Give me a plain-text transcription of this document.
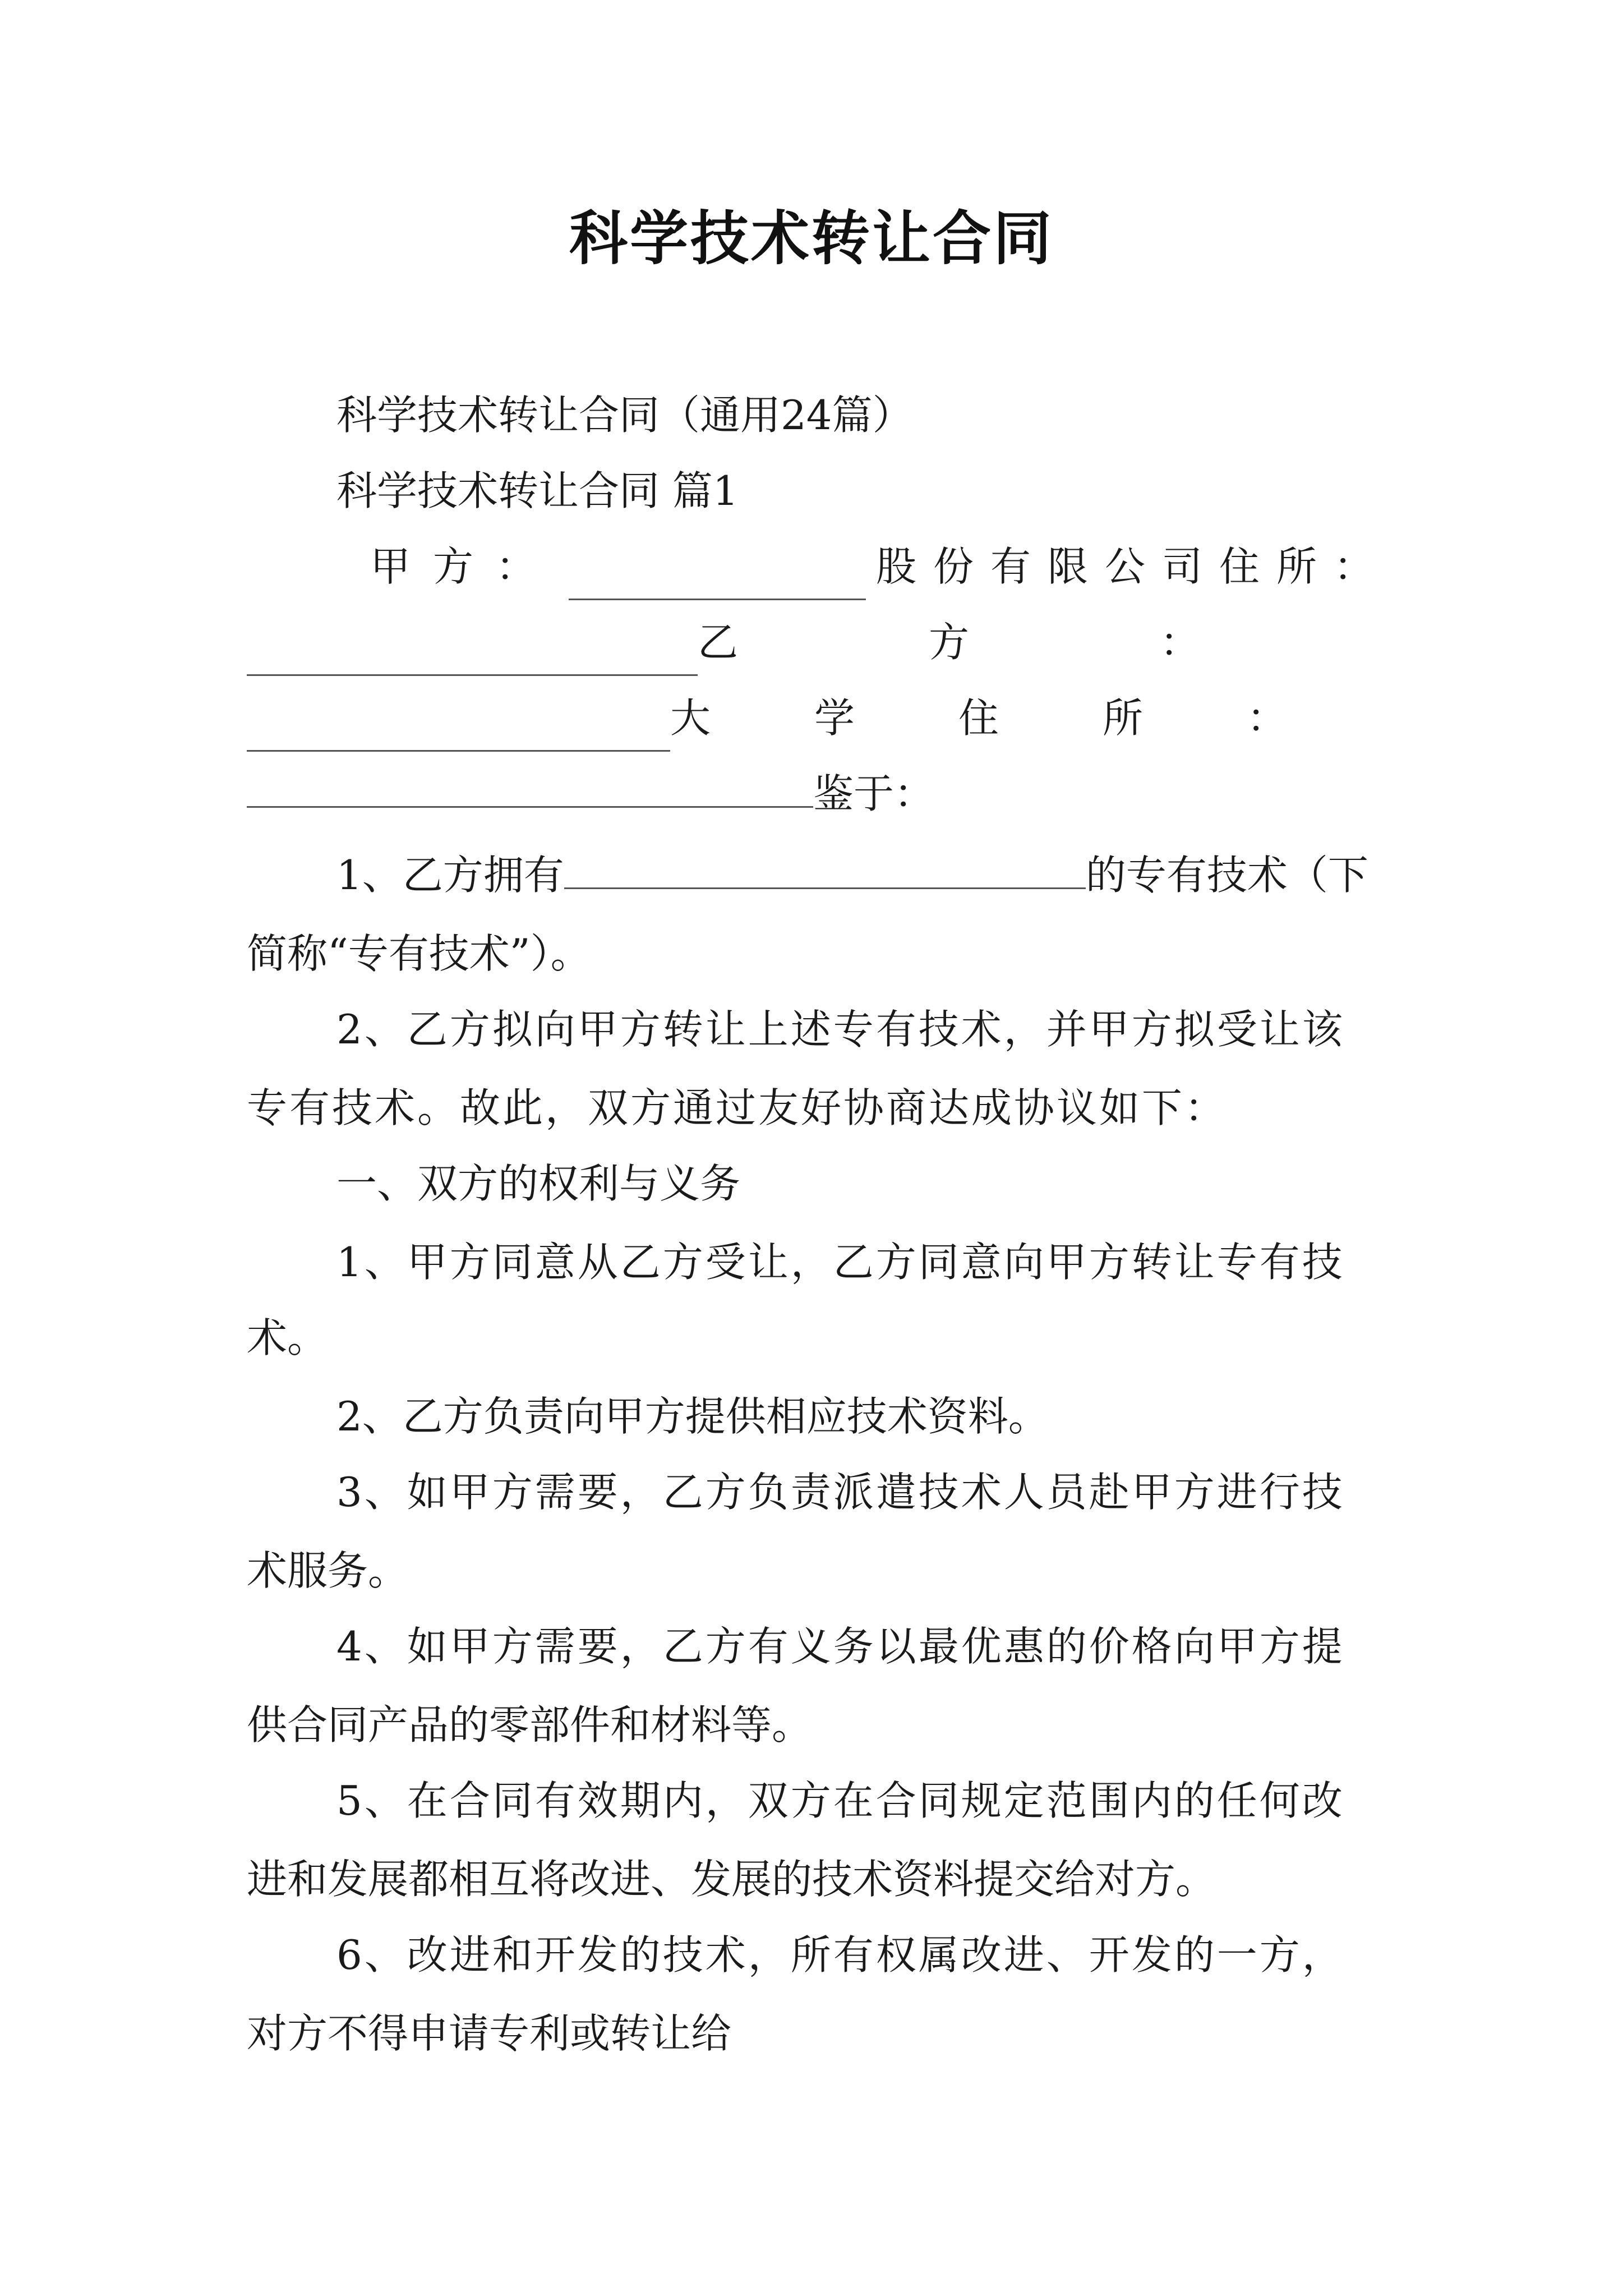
科学技术转让合同
科学技术转让合同（通用24篇）
科学技术转让合同 篇1
甲方：	股份有限公司住所：
乙方：
大学住所：
鉴于：
1、乙方拥有	的专有技术（下
简称“专有技术”）。
2、乙方拟向甲方转让上述专有技术，并甲方拟受让该
专有技术。故此，双方通过友好协商达成协议如下：
一、双方的权利与义务
1、甲方同意从乙方受让，乙方同意向甲方转让专有技
术。
2、乙方负责向甲方提供相应技术资料。
3、如甲方需要，乙方负责派遣技术人员赴甲方进行技
术服务。
4、如甲方需要，乙方有义务以最优惠的价格向甲方提
供合同产品的零部件和材料等。
5、在合同有效期内，双方在合同规定范围内的任何改
进和发展都相互将改进、发展的技术资料提交给对方。
6、改进和开发的技术，所有权属改进、开发的一方，
对方不得申请专利或转让给
